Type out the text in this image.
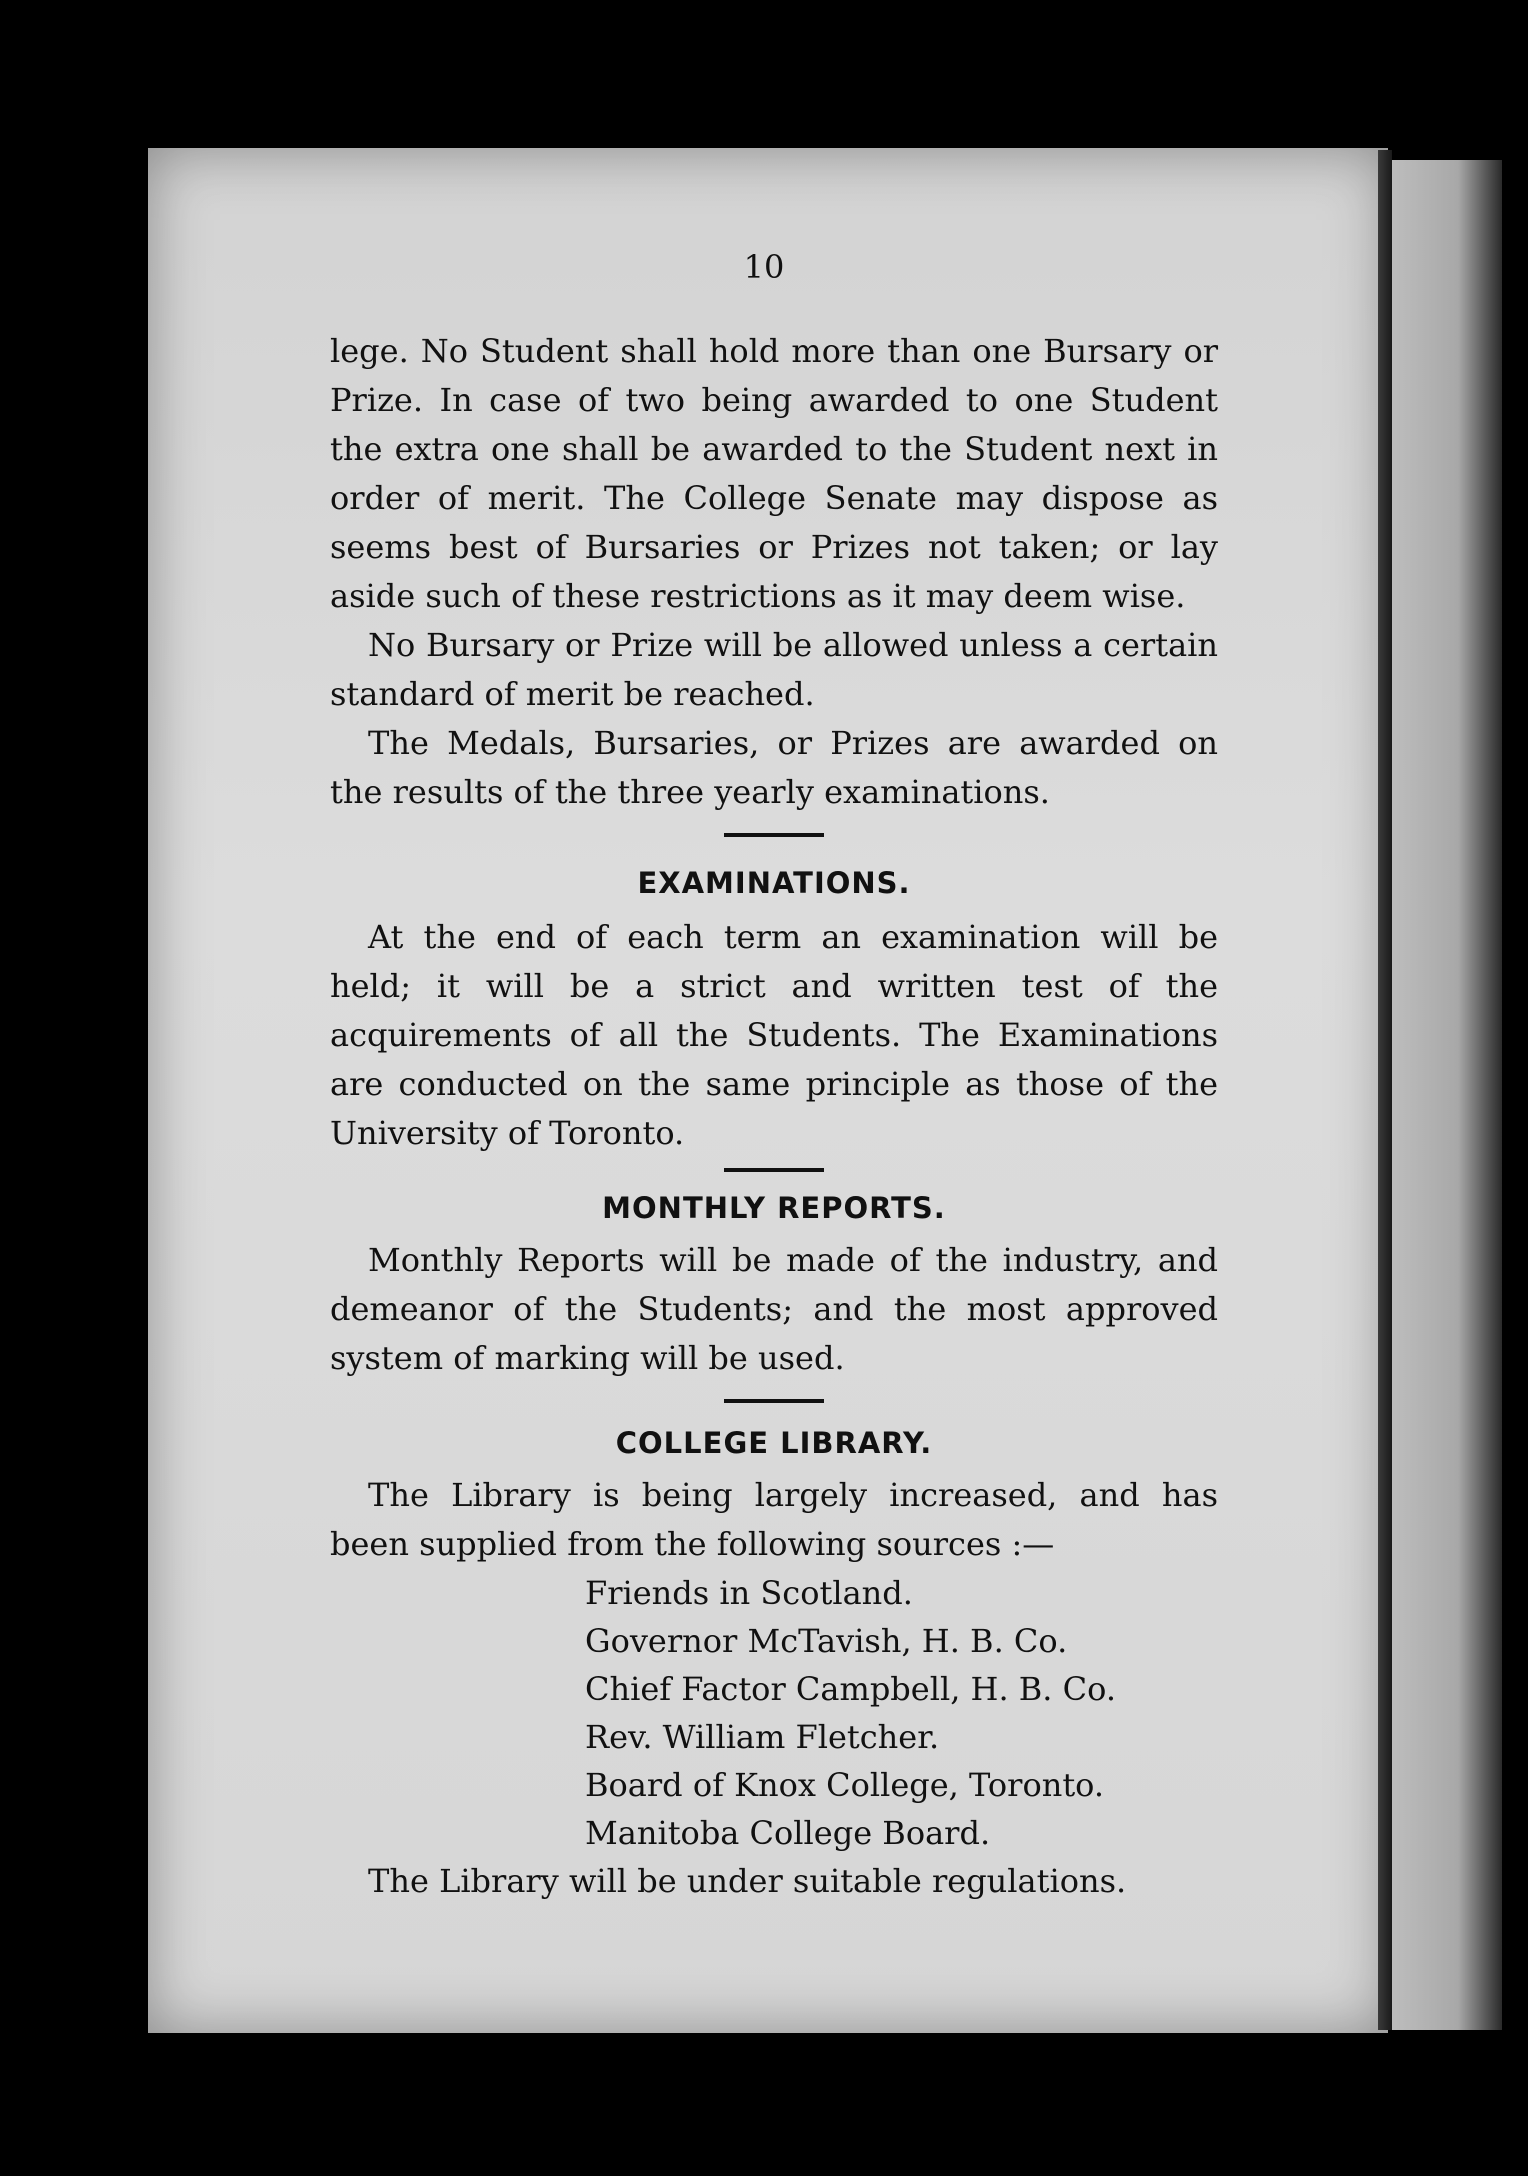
10

lege. No Student shall hold more than one Bursary or Prize. In case of two being awarded to one Student the extra one shall be awarded to the Student next in order of merit. The College Senate may dispose as seems best of Bursaries or Prizes not taken; or lay aside such of these restrictions as it may deem wise.

No Bursary or Prize will be allowed unless a certain standard of merit be reached.

The Medals, Bursaries, or Prizes are awarded on the results of the three yearly examinations.

EXAMINATIONS.

At the end of each term an examination will be held; it will be a strict and written test of the acquirements of all the Students. The Examinations are conducted on the same principle as those of the University of Toronto.

MONTHLY REPORTS.

Monthly Reports will be made of the industry, and demeanor of the Students; and the most approved system of marking will be used.

COLLEGE LIBRARY.

The Library is being largely increased, and has been supplied from the following sources :—

Friends in Scotland.
Governor McTavish, H. B. Co.
Chief Factor Campbell, H. B. Co.
Rev. William Fletcher.
Board of Knox College, Toronto.
Manitoba College Board.

The Library will be under suitable regulations.
